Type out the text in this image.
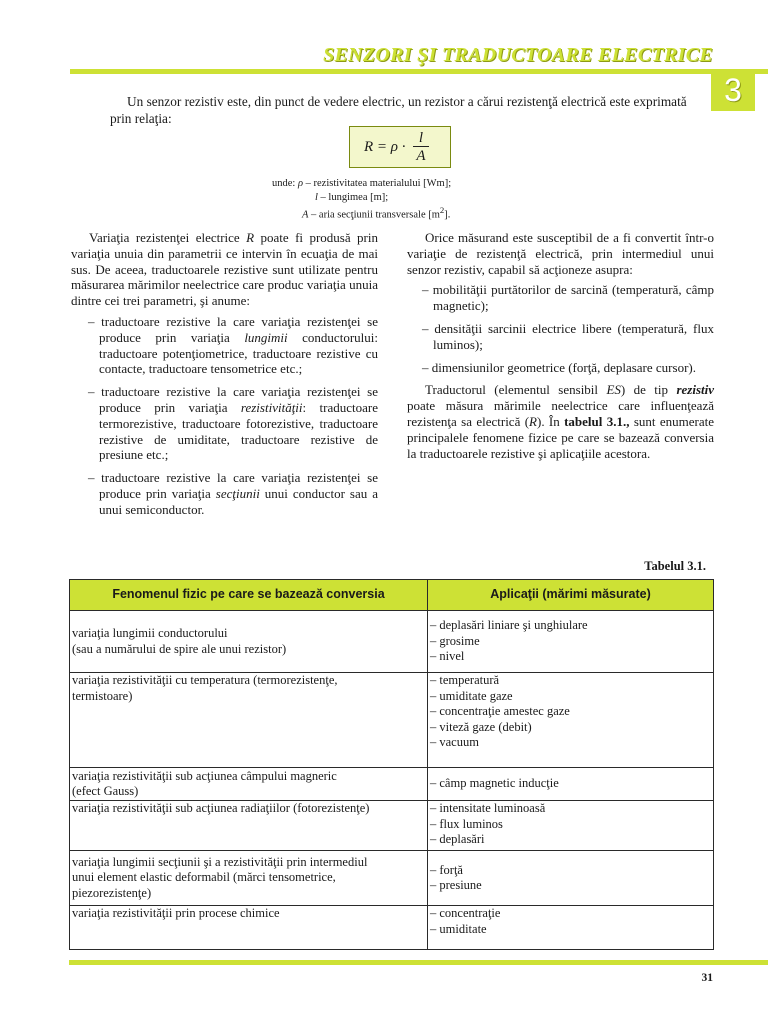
SENZORI ŞI TRADUCTOARE ELECTRICE
3

Un senzor rezistiv este, din punct de vedere electric, un rezistor a cărui rezistenţă electrică este exprimată prin relaţia:

$R = \rho \cdot \frac{l}{A}$
unde: ρ – rezistivitatea materialului [Wm];
l – lungimea [m];
A – aria secţiunii transversale $[m^2]$.

Variaţia rezistenţei electrice R poate fi produsă prin variaţia unuia din parametrii ce intervin în ecuaţia de mai sus. De aceea, traductoarele rezistive sunt utilizate pentru măsurarea mărimilor neelectrice care produc variaţia unuia dintre cei trei parametri, şi anume:

– traductoare rezistive la care variaţia rezistenţei se produce prin variaţia lungimii conductorului: traductoare potenţiometrice, traductoare rezistive cu contacte, traductoare tensometrice etc.;
– traductoare rezistive la care variaţia rezistenţei se produce prin variaţia rezistivităţii: traductoare termorezistive, traductoare fotorezistive, traductoare rezistive de umiditate, traductoare rezistive de presiune etc.;
– traductoare rezistive la care variaţia rezistenţei se produce prin variaţia secţiunii unui conductor sau a unui semiconductor.

Orice măsurand este susceptibil de a fi convertit într-o variaţie de rezistenţă electrică, prin intermediul unui senzor rezistiv, capabil să acţioneze asupra:

– mobilităţii purtătorilor de sarcină (temperatură, câmp magnetic);
– densităţii sarcinii electrice libere (temperatură, flux luminos);
– dimensiunilor geometrice (forţă, deplasare cursor).

Traductorul (elementul sensibil ES) de tip rezistiv poate măsura mărimile neelectrice care influenţează rezistenţa sa electrică (R). În tabelul 3.1., sunt enumerate principalele fenomene fizice pe care se bazează conversia la traductoarele rezistive şi aplicaţiile acestora.

Tabelul 3.1.
Fenomenul fizic pe care se bazează conversia	Aplicaţii (mărimi măsurate)

variaţia lungimii conductorului
(sau a numărului de spire ale unui rezistor)	– deplasări liniare şi unghiulare
– grosime
– nivel

variaţia rezistivităţii cu temperatura (termorezistenţe,
termistoare)	– temperatură
– umiditate gaze
– concentraţie amestec gaze
– viteză gaze (debit)
– vacuum

variaţia rezistivităţii sub acţiunea câmpului magneric
(efect Gauss)	– câmp magnetic inducţie

variaţia rezistivităţii sub acţiunea radiaţiilor (fotorezistenţe)	– intensitate luminoasă
– flux luminos
– deplasări

variaţia lungimii secţiunii şi a rezistivităţii prin intermediul
unui element elastic deformabil (mărci tensometrice,
piezorezistenţe)	– forţă
– presiune

variaţia rezistivităţii prin procese chimice	– concentraţie
– umiditate
31
